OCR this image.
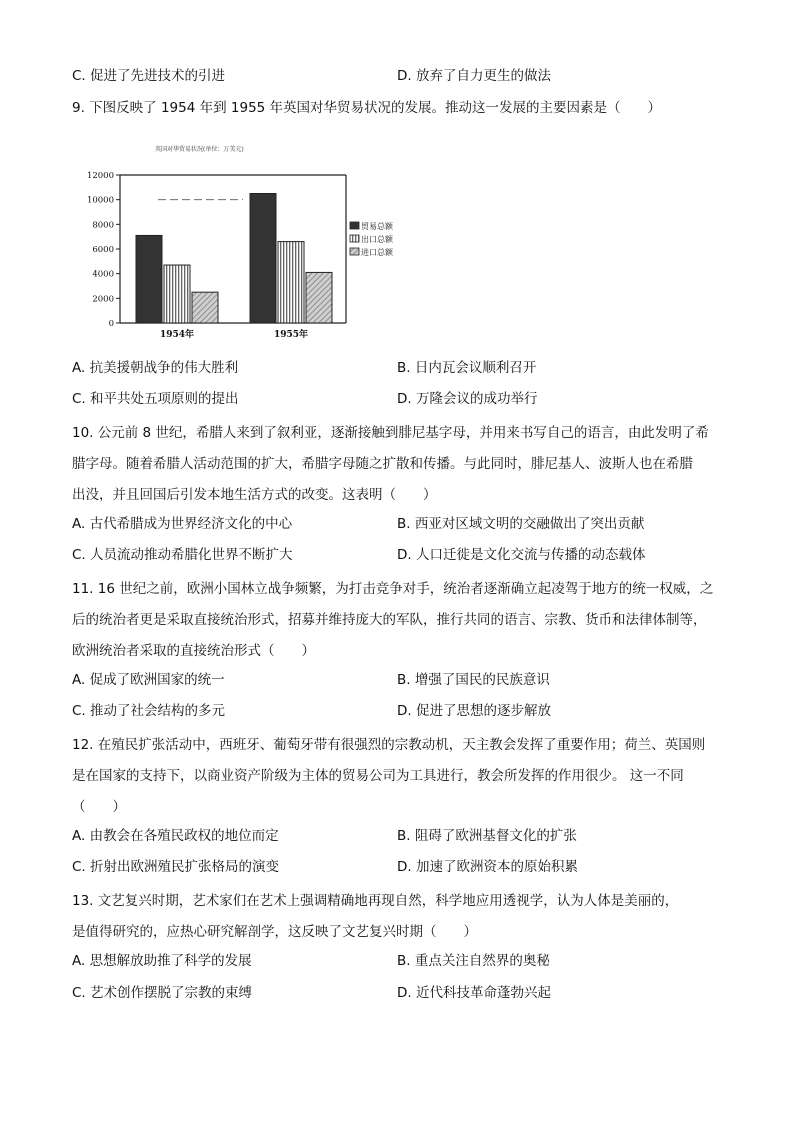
C. 促进了先进技术的引进	D. 放弃了自力更生的做法
9. 下图反映了 1954 年到 1955 年英国对华贸易状况的发展。推动这一发展的主要因素是（　　）
英国对华贸易状况(单位：万美元)
0
2000
4000
6000
8000
10000
12000
1954年	1955年
贸易总额
出口总额
进口总额
A. 抗美援朝战争的伟大胜利	B. 日内瓦会议顺利召开
C. 和平共处五项原则的提出	D. 万隆会议的成功举行
10. 公元前 8 世纪，希腊人来到了叙利亚，逐渐接触到腓尼基字母，并用来书写自己的语言，由此发明了希
腊字母。随着希腊人活动范围的扩大，希腊字母随之扩散和传播。与此同时，腓尼基人、波斯人也在希腊
出没，并且回国后引发本地生活方式的改变。这表明（　　）
A. 古代希腊成为世界经济文化的中心	B. 西亚对区域文明的交融做出了突出贡献
C. 人员流动推动希腊化世界不断扩大	D. 人口迁徙是文化交流与传播的动态载体
11. 16 世纪之前，欧洲小国林立战争频繁，为打击竞争对手，统治者逐渐确立起凌驾于地方的统一权威，之
后的统治者更是采取直接统治形式，招募并维持庞大的军队，推行共同的语言、宗教、货币和法律体制等，
欧洲统治者采取的直接统治形式（　　）
A. 促成了欧洲国家的统一	B. 增强了国民的民族意识
C. 推动了社会结构的多元	D. 促进了思想的逐步解放
12. 在殖民扩张活动中，西班牙、葡萄牙带有很强烈的宗教动机，天主教会发挥了重要作用；荷兰、英国则
是在国家的支持下，以商业资产阶级为主体的贸易公司为工具进行，教会所发挥的作用很少。 这一不同
（　　）
A. 由教会在各殖民政权的地位而定	B. 阻碍了欧洲基督文化的扩张
C. 折射出欧洲殖民扩张格局的演变	D. 加速了欧洲资本的原始积累
13. 文艺复兴时期，艺术家们在艺术上强调精确地再现自然，科学地应用透视学，认为人体是美丽的，
是值得研究的，应热心研究解剖学，这反映了文艺复兴时期（　　）
A. 思想解放助推了科学的发展	B. 重点关注自然界的奥秘
C. 艺术创作摆脱了宗教的束缚	D. 近代科技革命蓬勃兴起
